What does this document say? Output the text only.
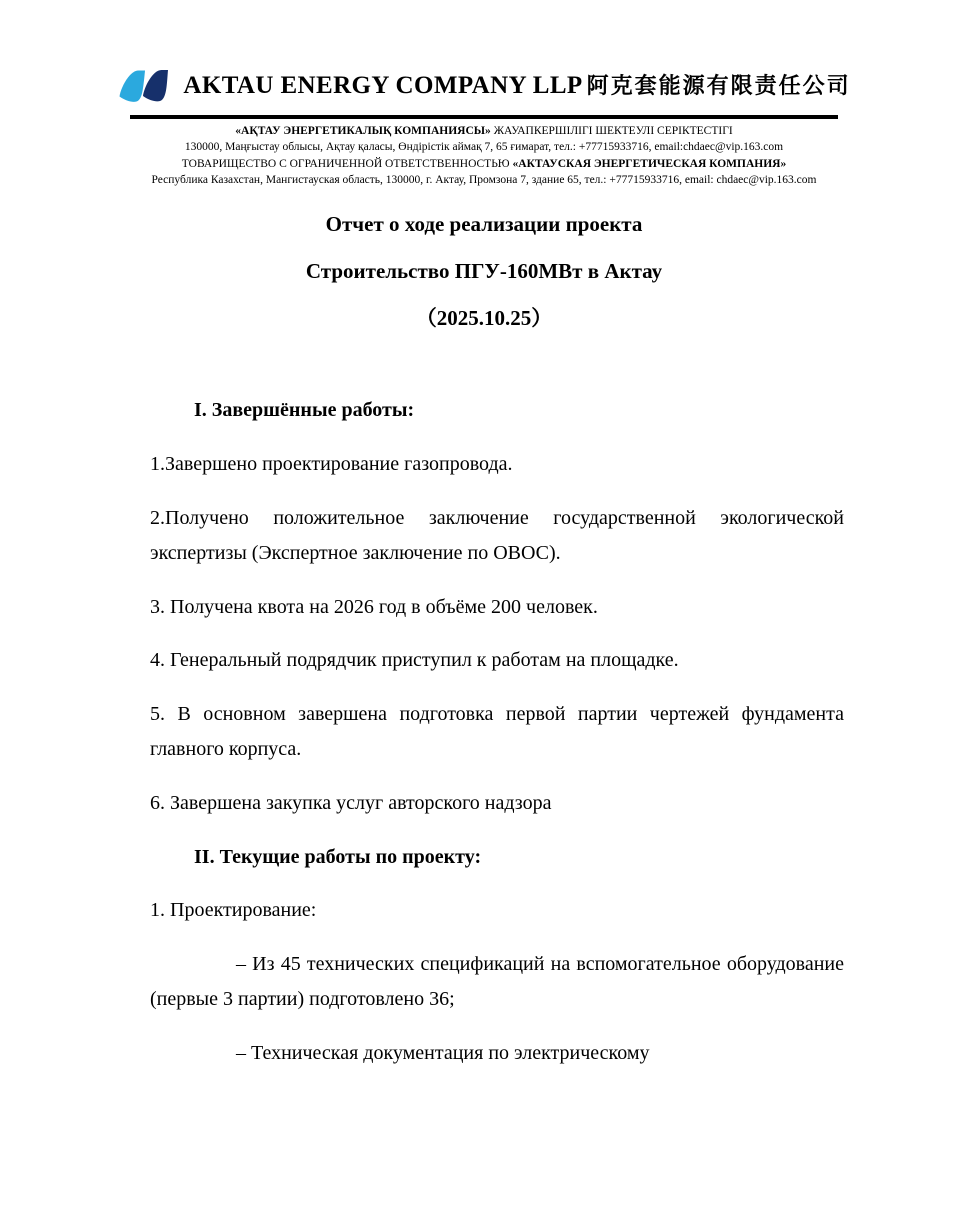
AKTAU ENERGY COMPANY LLP 阿克套能源有限责任公司
«АҚТАУ ЭНЕРГЕТИКАЛЫҚ КОМПАНИЯСЫ» ЖАУАПКЕРШІЛІГІ ШЕКТЕУЛІ СЕРІКТЕСТІГІ
130000, Маңғыстау облысы, Ақтау қаласы, Өндірістік аймақ 7, 65 ғимарат, тел.: +77715933716, email:chdaec@vip.163.com
ТОВАРИЩЕСТВО С ОГРАНИЧЕННОЙ ОТВЕТСТВЕННОСТЬЮ «АКТАУСКАЯ ЭНЕРГЕТИЧЕСКАЯ КОМПАНИЯ»
Республика Казахстан, Мангистауская область, 130000, г. Актау, Промзона 7, здание 65, тел.: +77715933716, email: chdaec@vip.163.com
Отчет о ходе реализации проекта
Строительство ПГУ-160МВт в Актау
（2025.10.25）

I. Завершённые работы:

1.Завершено проектирование газопровода.

2.Получено положительное заключение государственной экологической экспертизы (Экспертное заключение по ОВОС).

3. Получена квота на 2026 год в объёме 200 человек.

4. Генеральный подрядчик приступил к работам на площадке.

5. В основном завершена подготовка первой партии чертежей фундамента главного корпуса.

6. Завершена закупка услуг авторского надзора

II. Текущие работы по проекту:

1. Проектирование:

– Из 45 технических спецификаций на вспомогательное оборудование (первые 3 партии) подготовлено 36;

– Техническая документация по электрическому
